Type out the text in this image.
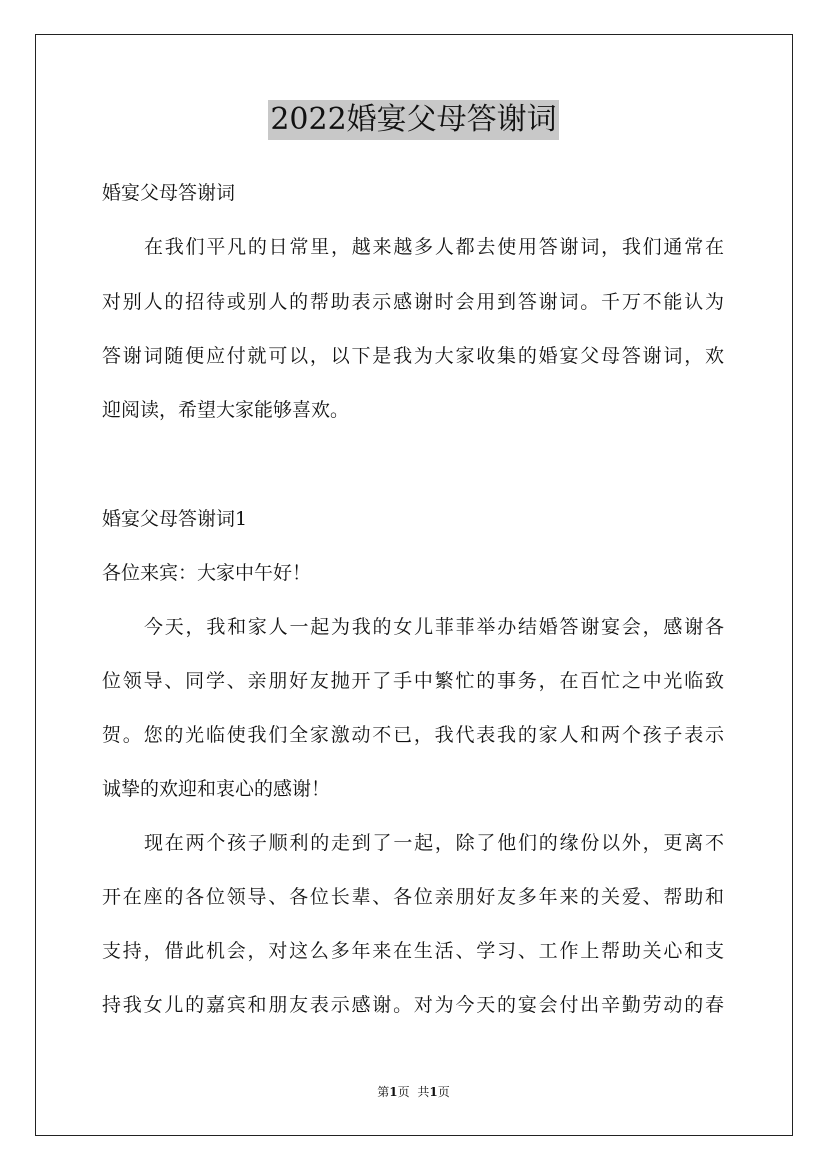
2022婚宴父母答谢词
婚宴父母答谢词
在我们平凡的日常里，越来越多人都去使用答谢词，我们通常在
对别人的招待或别人的帮助表示感谢时会用到答谢词。千万不能认为
答谢词随便应付就可以，以下是我为大家收集的婚宴父母答谢词，欢
迎阅读，希望大家能够喜欢。
婚宴父母答谢词1
各位来宾：大家中午好！
今天，我和家人一起为我的女儿菲菲举办结婚答谢宴会，感谢各
位领导、同学、亲朋好友抛开了手中繁忙的事务，在百忙之中光临致
贺。您的光临使我们全家激动不已，我代表我的家人和两个孩子表示
诚挚的欢迎和衷心的感谢！
现在两个孩子顺利的走到了一起，除了他们的缘份以外，更离不
开在座的各位领导、各位长辈、各位亲朋好友多年来的关爱、帮助和
支持，借此机会，对这么多年来在生活、学习、工作上帮助关心和支
持我女儿的嘉宾和朋友表示感谢。对为今天的宴会付出辛勤劳动的春
第1页 共1页
